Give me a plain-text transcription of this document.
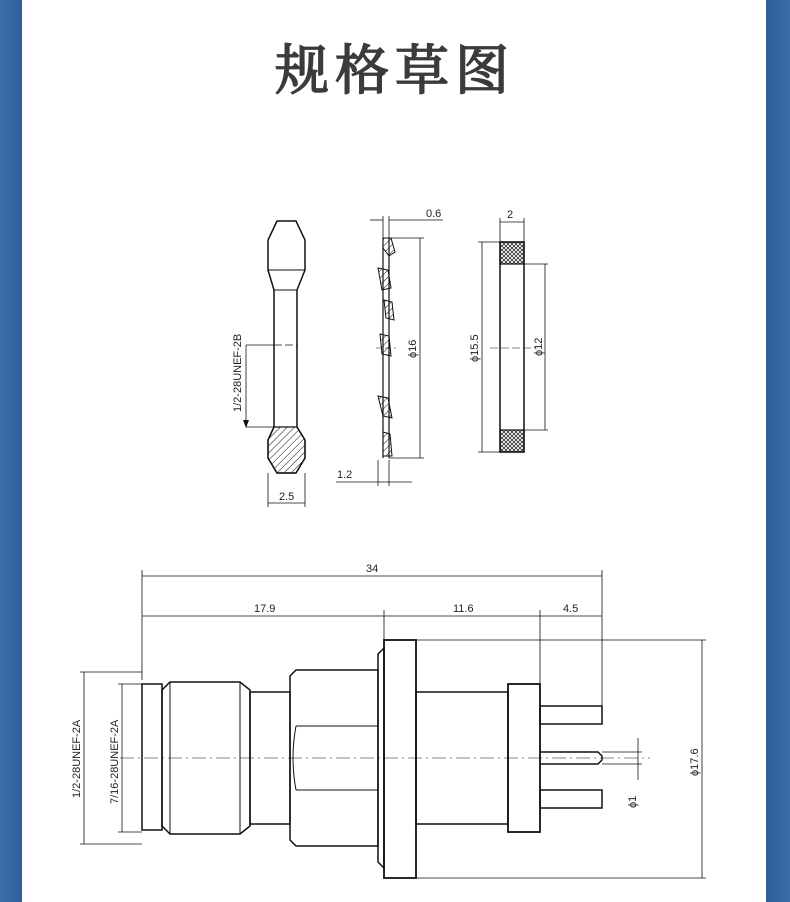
规格草图
1/2-28UNEF-2B
2.5
0.6
ϕ16
1.2
2
ϕ15.5	ϕ12
34
17.9	11.6	4.5
1/2-28UNEF-2A 7/16-28UNEF-2A	ϕ17.6
ϕ1
